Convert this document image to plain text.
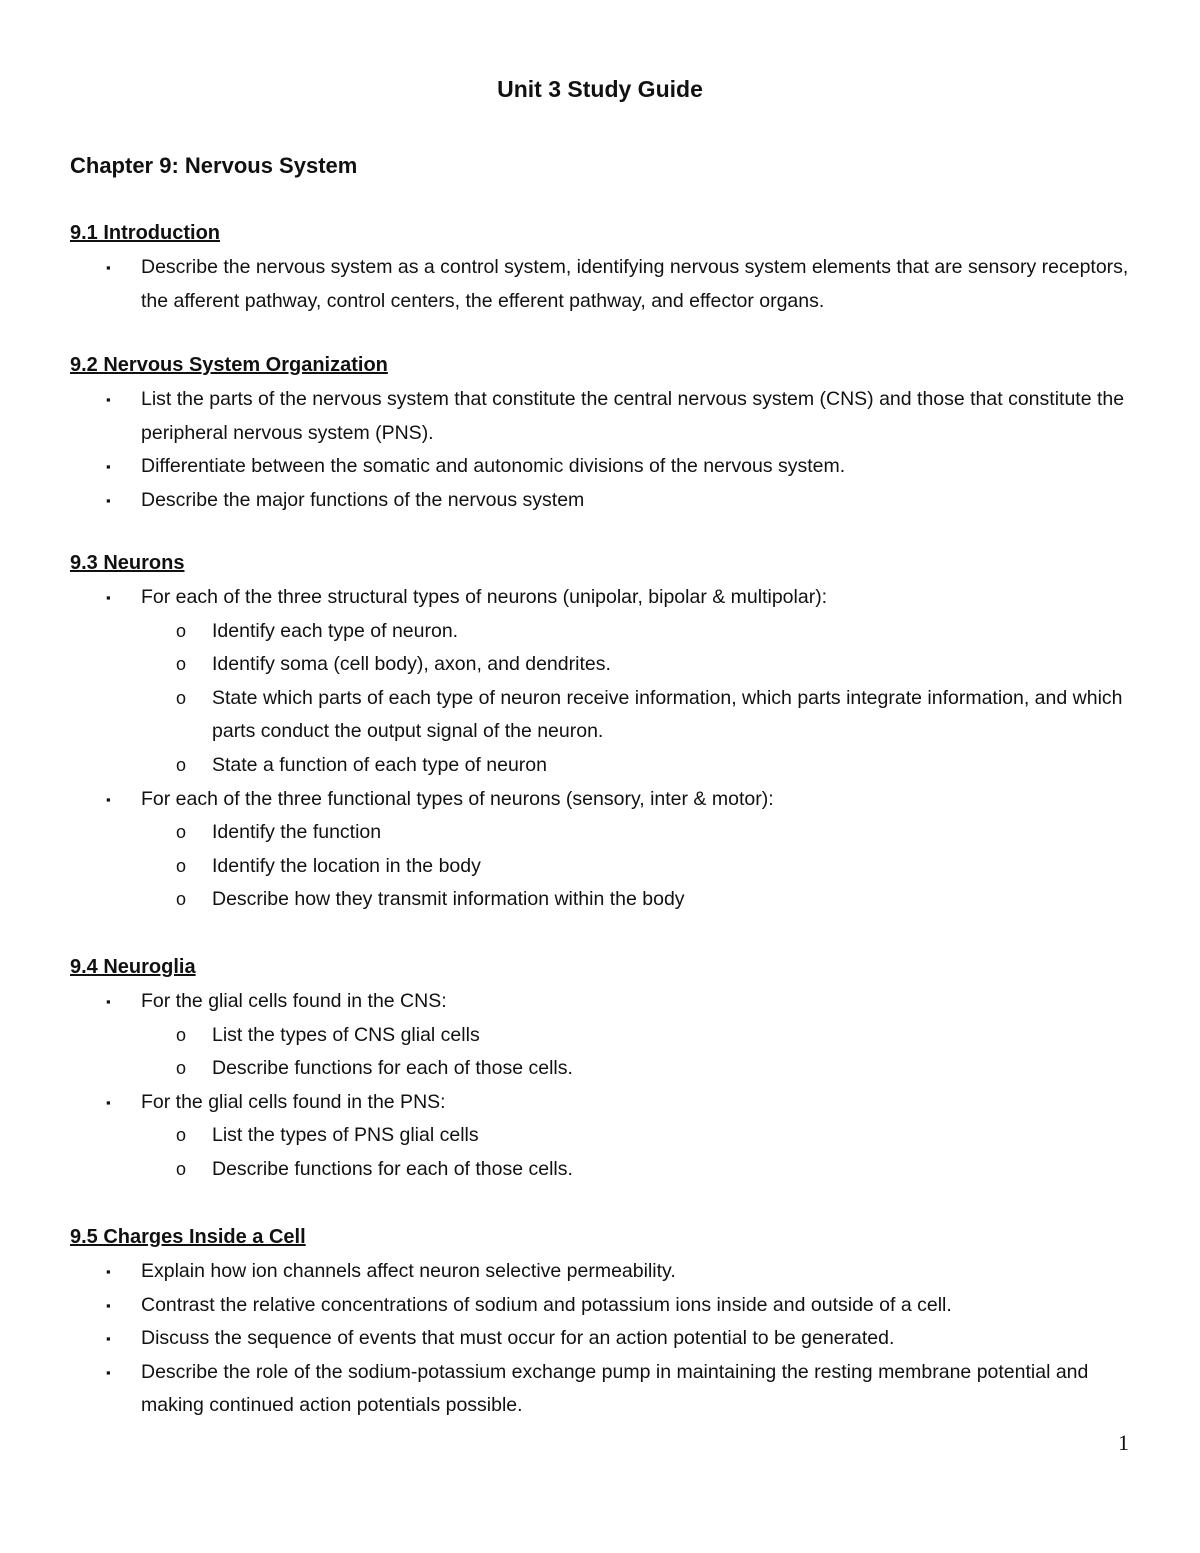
Unit 3 Study Guide
Chapter 9: Nervous System
9.1 Introduction
▪	Describe the nervous system as a control system, identifying nervous system elements that are sensory receptors, the afferent pathway, control centers, the efferent pathway, and effector organs.
9.2 Nervous System Organization
▪	List the parts of the nervous system that constitute the central nervous system (CNS) and those that constitute the peripheral nervous system (PNS).
▪	Differentiate between the somatic and autonomic divisions of the nervous system.
▪	Describe the major functions of the nervous system
9.3 Neurons
▪	For each of the three structural types of neurons (unipolar, bipolar & multipolar):
o	Identify each type of neuron.
o	Identify soma (cell body), axon, and dendrites.
o	State which parts of each type of neuron receive information, which parts integrate information, and which parts conduct the output signal of the neuron.
o	State a function of each type of neuron
▪	For each of the three functional types of neurons (sensory, inter & motor):
o	Identify the function
o	Identify the location in the body
o	Describe how they transmit information within the body
9.4 Neuroglia
▪	For the glial cells found in the CNS:
o	List the types of CNS glial cells
o	Describe functions for each of those cells.
▪	For the glial cells found in the PNS:
o	List the types of PNS glial cells
o	Describe functions for each of those cells.
9.5 Charges Inside a Cell
▪	Explain how ion channels affect neuron selective permeability.
▪	Contrast the relative concentrations of sodium and potassium ions inside and outside of a cell.
▪	Discuss the sequence of events that must occur for an action potential to be generated.
▪	Describe the role of the sodium-potassium exchange pump in maintaining the resting membrane potential and making continued action potentials possible.
1
